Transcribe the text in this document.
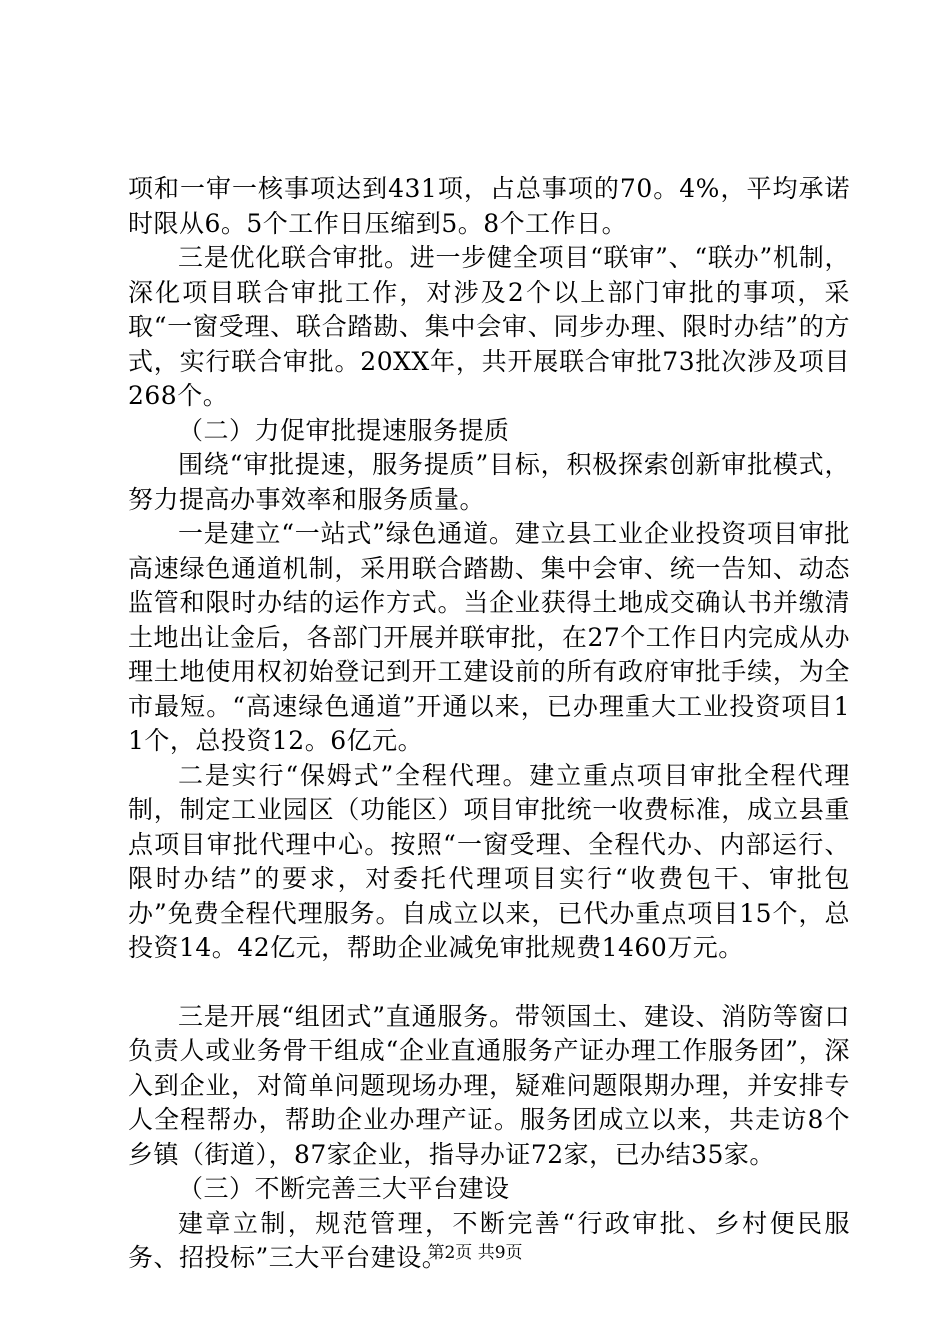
项和一审一核事项达到431项，占总事项的70。4%，平均承诺时限从6。5个工作日压缩到5。8个工作日。

三是优化联合审批。进一步健全项目“联审”、“联办”机制，深化项目联合审批工作，对涉及2个以上部门审批的事项，采取“一窗受理、联合踏勘、集中会审、同步办理、限时办结”的方式，实行联合审批。20XX年，共开展联合审批73批次涉及项目268个。

（二）力促审批提速服务提质

围绕“审批提速，服务提质”目标，积极探索创新审批模式，努力提高办事效率和服务质量。

一是建立“一站式”绿色通道。建立县工业企业投资项目审批高速绿色通道机制，采用联合踏勘、集中会审、统一告知、动态监管和限时办结的运作方式。当企业获得土地成交确认书并缴清土地出让金后，各部门开展并联审批，在27个工作日内完成从办理土地使用权初始登记到开工建设前的所有政府审批手续，为全市最短。“高速绿色通道”开通以来，已办理重大工业投资项目11个，总投资12。6亿元。

二是实行“保姆式”全程代理。建立重点项目审批全程代理制，制定工业园区（功能区）项目审批统一收费标准，成立县重点项目审批代理中心。按照“一窗受理、全程代办、内部运行、限时办结”的要求，对委托代理项目实行“收费包干、审批包办”免费全程代理服务。自成立以来，已代办重点项目15个，总投资14。42亿元，帮助企业减免审批规费1460万元。

三是开展“组团式”直通服务。带领国土、建设、消防等窗口负责人或业务骨干组成“企业直通服务产证办理工作服务团”，深入到企业，对简单问题现场办理，疑难问题限期办理，并安排专人全程帮办，帮助企业办理产证。服务团成立以来，共走访8个乡镇（街道），87家企业，指导办证72家，已办结35家。

（三）不断完善三大平台建设

建章立制，规范管理，不断完善“行政审批、乡村便民服务、招投标”三大平台建设。

第2页 共9页
